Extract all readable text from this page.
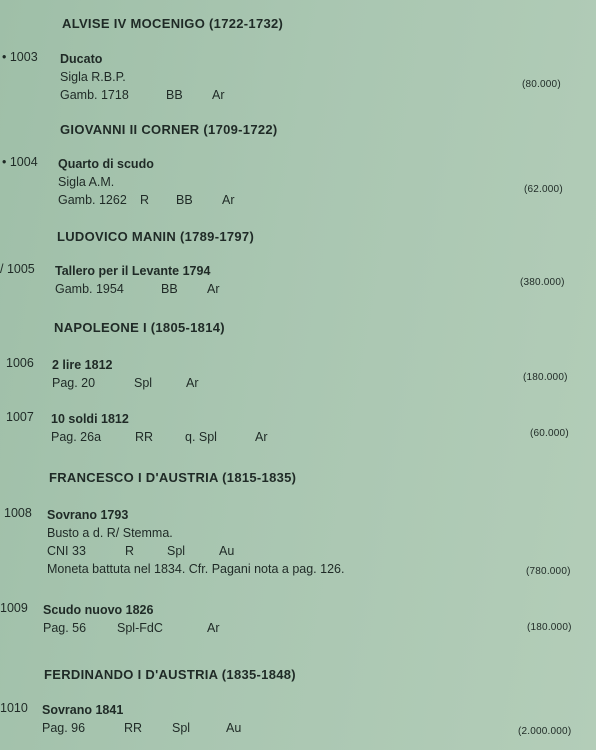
ALVISE IV MOCENIGO (1722-1732)
GIOVANNI II CORNER (1709-1722)
LUDOVICO MANIN (1789-1797)
NAPOLEONE I (1805-1814)
FRANCESCO I D'AUSTRIA (1815-1835)
FERDINANDO I D'AUSTRIA (1835-1848)
• 1003 Ducato
Sigla R.B.P.
Gamb. 1718	BB Ar
(80.000)
• 1004 Quarto di scudo
Sigla A.M.
Gamb. 1262 R BB Ar
(62.000)
/ 1005 Tallero per il Levante 1794
Gamb. 1954	BB Ar	(380.000)
1006 2 lire 1812
Pag. 20	Spl	Ar	(180.000)
1007 10 soldi 1812
Pag. 26a	RR	q. Spl	Ar	(60.000)
1008 Sovrano 1793
Busto a d. R/ Stemma.
CNI 33	R	Spl	Au
Moneta battuta nel 1834. Cfr. Pagani nota a pag. 126.	(780.000)
1009 Scudo nuovo 1826
Pag. 56 Spl-FdC	Ar	(180.000)
1010 Sovrano 1841
Pag. 96	RR Spl	Au	(2.000.000)
